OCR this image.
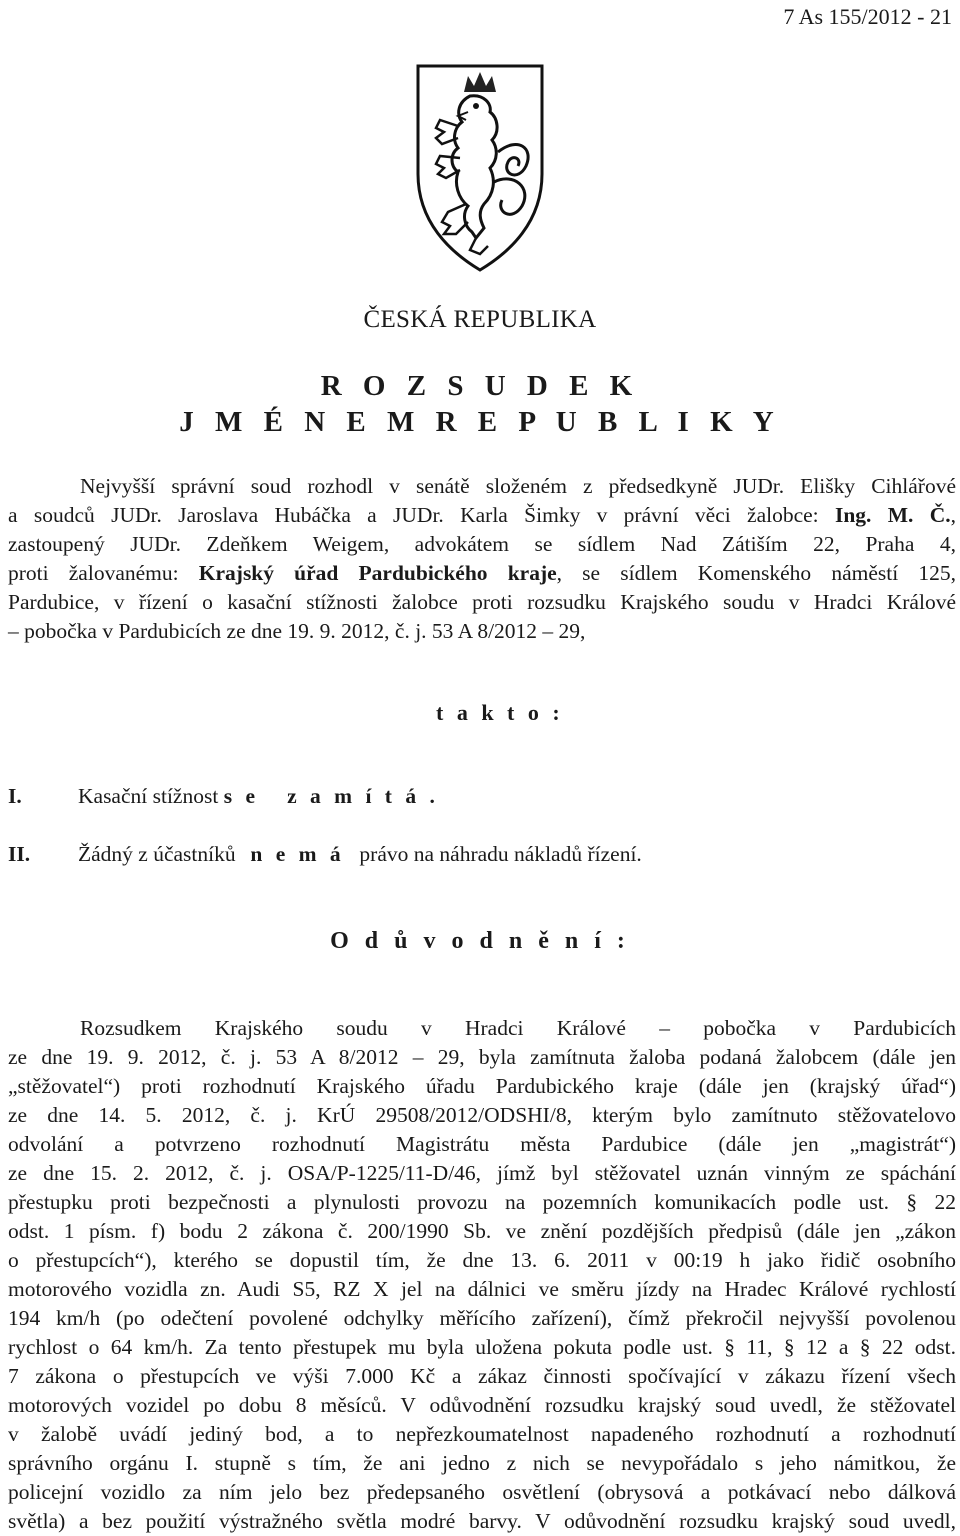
7 As 155/2012 - 21
ČESKÁ REPUBLIKA
R O Z S U D E K
J M É N E M R E P U B L I K Y

Nejvyšší správní soud rozhodl v senátě složeném z předsedkyně JUDr. Elišky Cihlářové

a soudců JUDr. Jaroslava Hubáčka a JUDr. Karla Šimky v právní věci žalobce: Ing. M. Č.,

zastoupený JUDr. Zdeňkem Weigem, advokátem se sídlem Nad Zátiším 22, Praha 4,

proti žalovanému: Krajský úřad Pardubického kraje, se sídlem Komenského náměstí 125,

Pardubice, v řízení o kasační stížnosti žalobce proti rozsudku Krajského soudu v Hradci Králové

– pobočka v Pardubicích ze dne 19. 9. 2012, č. j. 53 A 8/2012 – 29,

t a k t o :
I.	Kasační stížnost s e   z a m í t á .
II. Žádný z účastníků  n e m á  právo na náhradu nákladů řízení.
O d ů v o d n ě n í :

Rozsudkem Krajského soudu v Hradci Králové – pobočka v Pardubicích

ze dne 19. 9. 2012, č. j. 53 A 8/2012 – 29, byla zamítnuta žaloba podaná žalobcem (dále jen

„stěžovatel“) proti rozhodnutí Krajského úřadu Pardubického kraje (dále jen (krajský úřad“)

ze dne 14. 5. 2012, č. j. KrÚ 29508/2012/ODSHI/8, kterým bylo zamítnuto stěžovatelovo

odvolání a potvrzeno rozhodnutí Magistrátu města Pardubice (dále jen „magistrát“)

ze dne 15. 2. 2012, č. j. OSA/P-1225/11-D/46, jímž byl stěžovatel uznán vinným ze spáchání

přestupku proti bezpečnosti a plynulosti provozu na pozemních komunikacích podle ust. § 22

odst. 1 písm. f) bodu 2 zákona č. 200/1990 Sb. ve znění pozdějších předpisů (dále jen „zákon

o přestupcích“), kterého se dopustil tím, že dne 13. 6. 2011 v 00:19 h jako řidič osobního

motorového vozidla zn. Audi S5, RZ X jel na dálnici ve směru jízdy na Hradec Králové rychlostí

194 km/h (po odečtení povolené odchylky měřícího zařízení), čímž překročil nejvyšší povolenou

rychlost o 64 km/h. Za tento přestupek mu byla uložena pokuta podle ust. § 11, § 12 a § 22 odst.

7 zákona o přestupcích ve výši 7.000 Kč a zákaz činnosti spočívající v zákazu řízení všech

motorových vozidel po dobu 8 měsíců. V odůvodnění rozsudku krajský soud uvedl, že stěžovatel

v žalobě uvádí jediný bod, a to nepřezkoumatelnost napadeného rozhodnutí a rozhodnutí

správního orgánu I. stupně s tím, že ani jedno z nich se nevypořádalo s jeho námitkou, že

policejní vozidlo za ním jelo bez předepsaného osvětlení (obrysová a potkávací nebo dálková

světla) a bez použití výstražného světla modré barvy. V odůvodnění rozsudku krajský soud uvedl,
